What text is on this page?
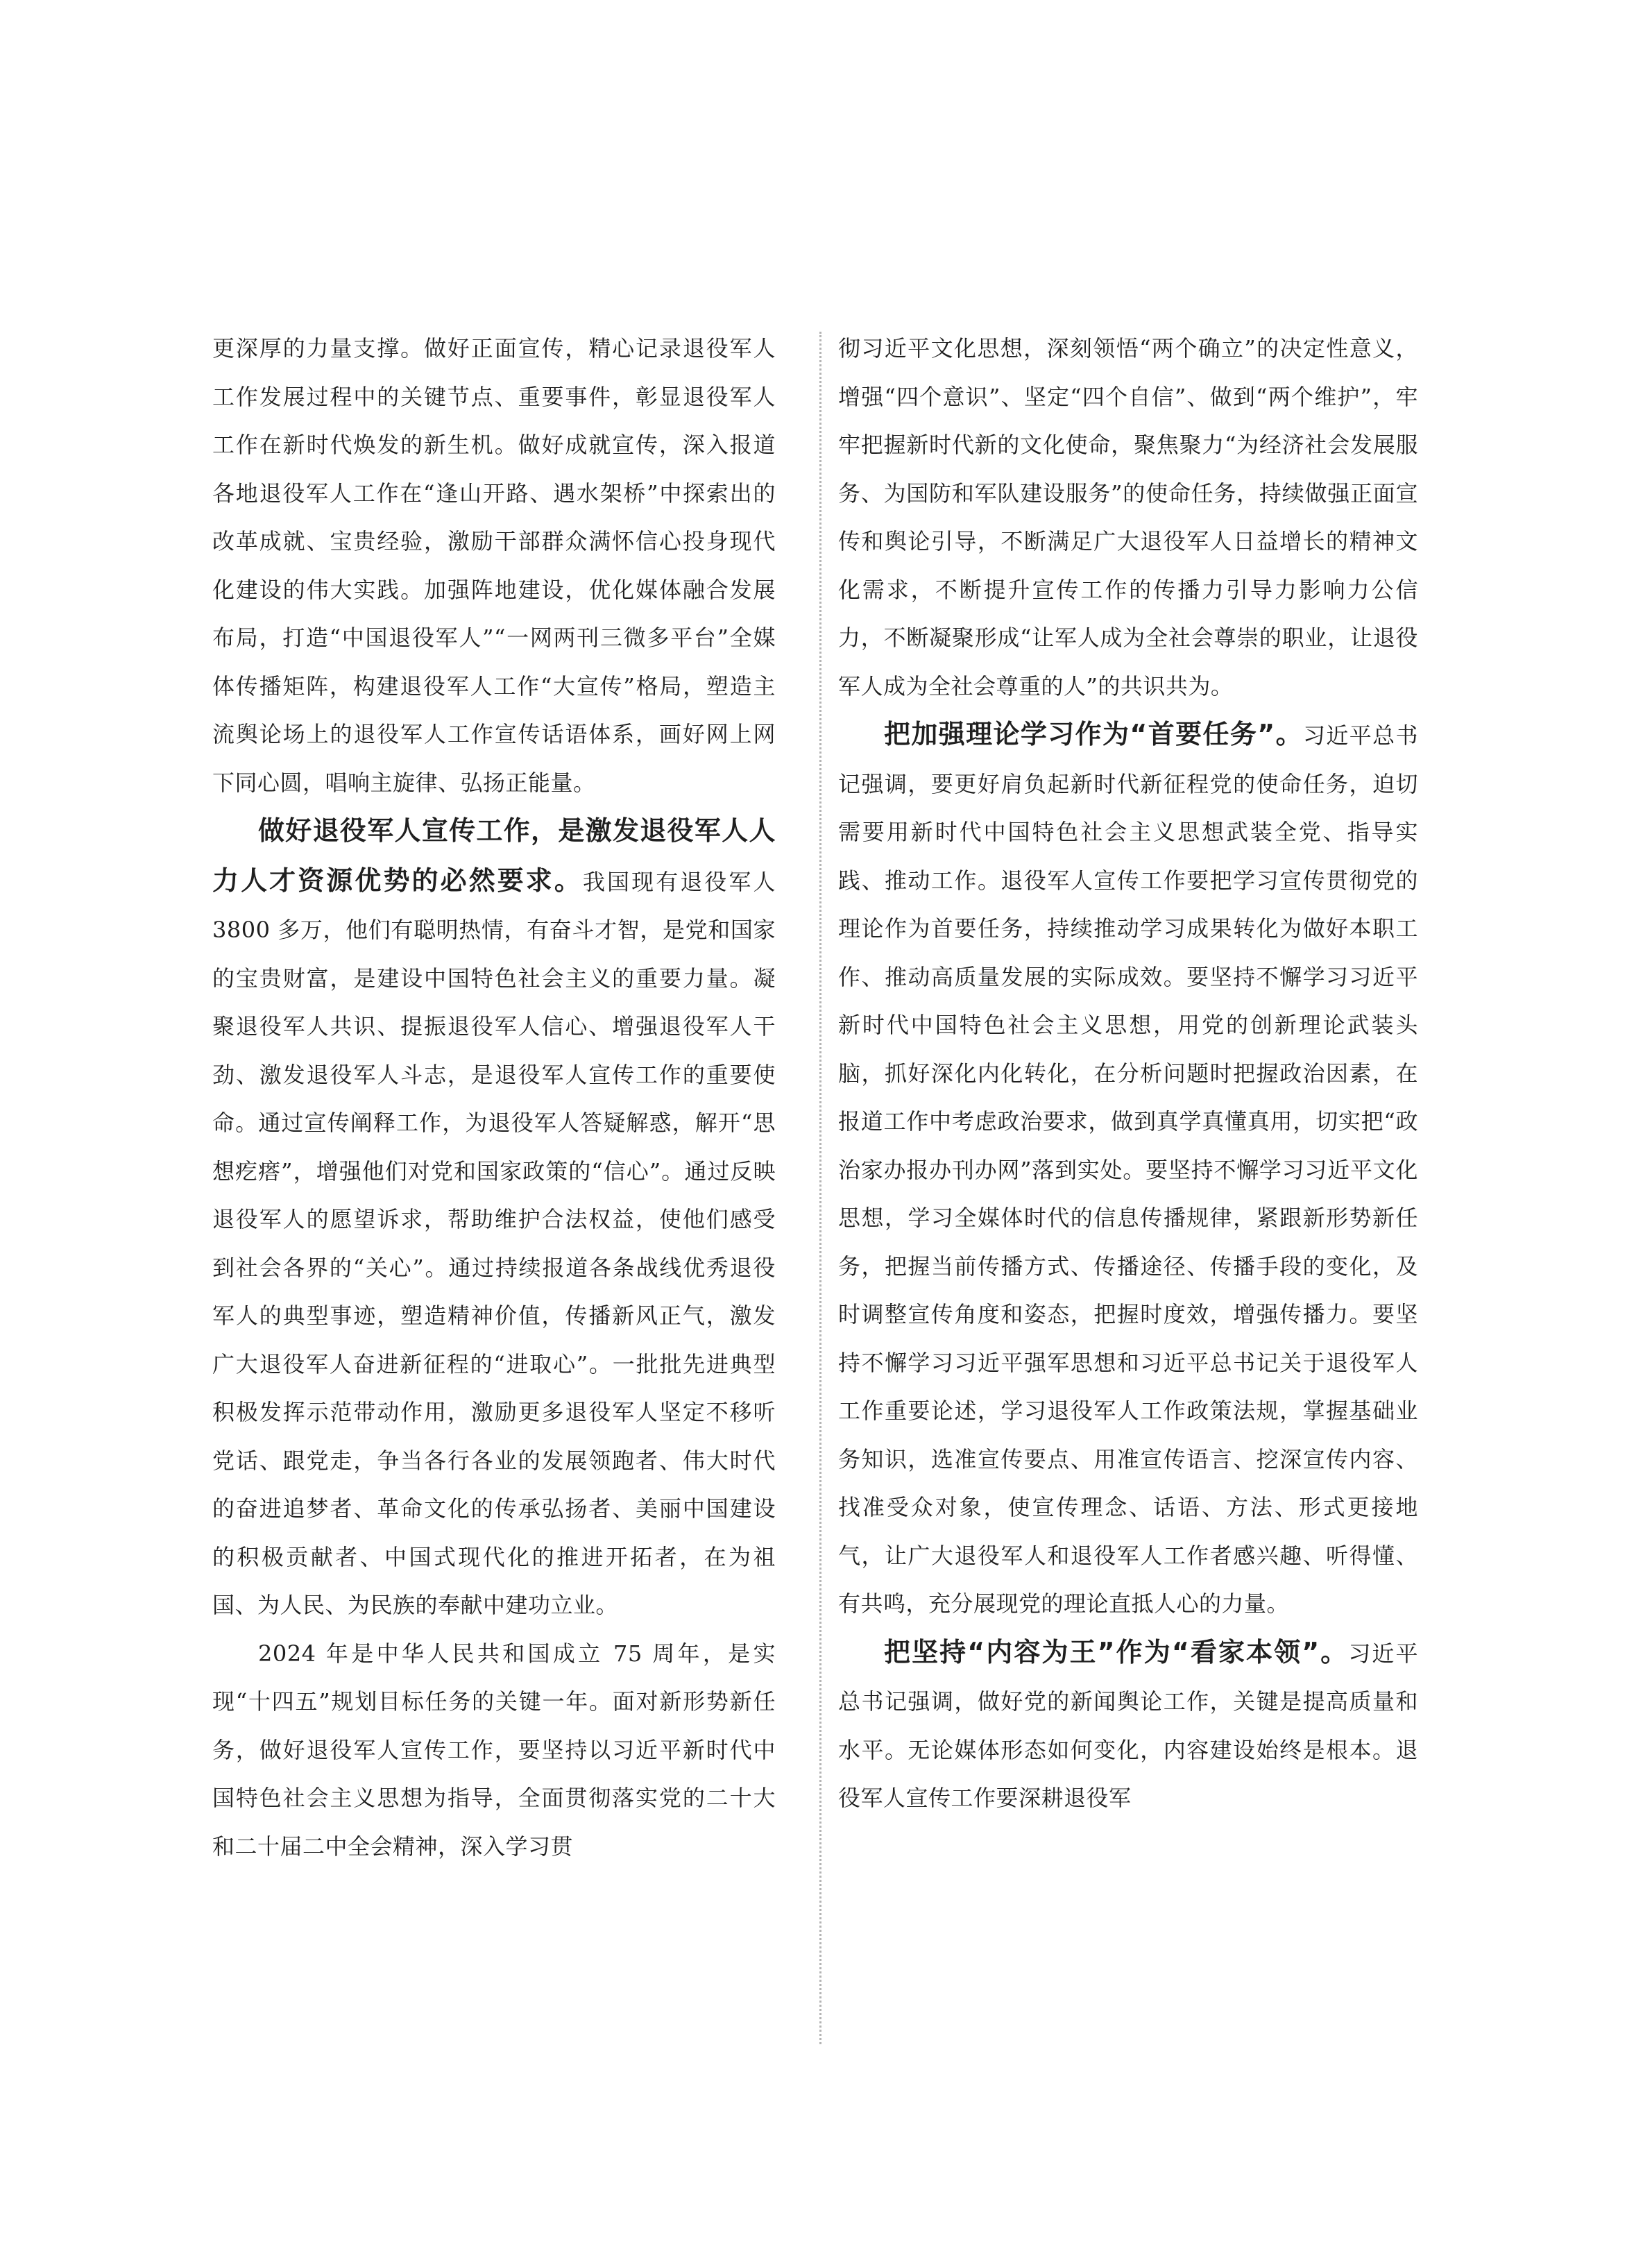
更深厚的力量支撑。做好正面宣传，精心记录退役军人工作发展过程中的关键节点、重要事件，彰显退役军人工作在新时代焕发的新生机。做好成就宣传，深入报道各地退役军人工作在“逢山开路、遇水架桥”中探索出的改革成就、宝贵经验，激励干部群众满怀信心投身现代化建设的伟大实践。加强阵地建设，优化媒体融合发展布局，打造“中国退役军人”“一网两刊三微多平台”全媒体传播矩阵，构建退役军人工作“大宣传”格局，塑造主流舆论场上的退役军人工作宣传话语体系，画好网上网下同心圆，唱响主旋律、弘扬正能量。

做好退役军人宣传工作，是激发退役军人人力人才资源优势的必然要求。我国现有退役军人 3800 多万，他们有聪明热情，有奋斗才智，是党和国家的宝贵财富，是建设中国特色社会主义的重要力量。凝聚退役军人共识、提振退役军人信心、增强退役军人干劲、激发退役军人斗志，是退役军人宣传工作的重要使命。通过宣传阐释工作，为退役军人答疑解惑，解开“思想疙瘩”，增强他们对党和国家政策的“信心”。通过反映退役军人的愿望诉求，帮助维护合法权益，使他们感受到社会各界的“关心”。通过持续报道各条战线优秀退役军人的典型事迹，塑造精神价值，传播新风正气，激发广大退役军人奋进新征程的“进取心”。一批批先进典型积极发挥示范带动作用，激励更多退役军人坚定不移听党话、跟党走，争当各行各业的发展领跑者、伟大时代的奋进追梦者、革命文化的传承弘扬者、美丽中国建设的积极贡献者、中国式现代化的推进开拓者，在为祖国、为人民、为民族的奉献中建功立业。

2024 年是中华人民共和国成立 75 周年，是实现“十四五”规划目标任务的关键一年。面对新形势新任务，做好退役军人宣传工作，要坚持以习近平新时代中国特色社会主义思想为指导，全面贯彻落实党的二十大和二十届二中全会精神，深入学习贯

彻习近平文化思想，深刻领悟“两个确立”的决定性意义，增强“四个意识”、坚定“四个自信”、做到“两个维护”，牢牢把握新时代新的文化使命，聚焦聚力“为经济社会发展服务、为国防和军队建设服务”的使命任务，持续做强正面宣传和舆论引导，不断满足广大退役军人日益增长的精神文化需求，不断提升宣传工作的传播力引导力影响力公信力，不断凝聚形成“让军人成为全社会尊崇的职业，让退役军人成为全社会尊重的人”的共识共为。

把加强理论学习作为“首要任务”。习近平总书记强调，要更好肩负起新时代新征程党的使命任务，迫切需要用新时代中国特色社会主义思想武装全党、指导实践、推动工作。退役军人宣传工作要把学习宣传贯彻党的理论作为首要任务，持续推动学习成果转化为做好本职工作、推动高质量发展的实际成效。要坚持不懈学习习近平新时代中国特色社会主义思想，用党的创新理论武装头脑，抓好深化内化转化，在分析问题时把握政治因素，在报道工作中考虑政治要求，做到真学真懂真用，切实把“政治家办报办刊办网”落到实处。要坚持不懈学习习近平文化思想，学习全媒体时代的信息传播规律，紧跟新形势新任务，把握当前传播方式、传播途径、传播手段的变化，及时调整宣传角度和姿态，把握时度效，增强传播力。要坚持不懈学习习近平强军思想和习近平总书记关于退役军人工作重要论述，学习退役军人工作政策法规，掌握基础业务知识，选准宣传要点、用准宣传语言、挖深宣传内容、找准受众对象，使宣传理念、话语、方法、形式更接地气，让广大退役军人和退役军人工作者感兴趣、听得懂、有共鸣，充分展现党的理论直抵人心的力量。

把坚持“内容为王”作为“看家本领”。习近平总书记强调，做好党的新闻舆论工作，关键是提高质量和水平。无论媒体形态如何变化，内容建设始终是根本。退役军人宣传工作要深耕退役军
